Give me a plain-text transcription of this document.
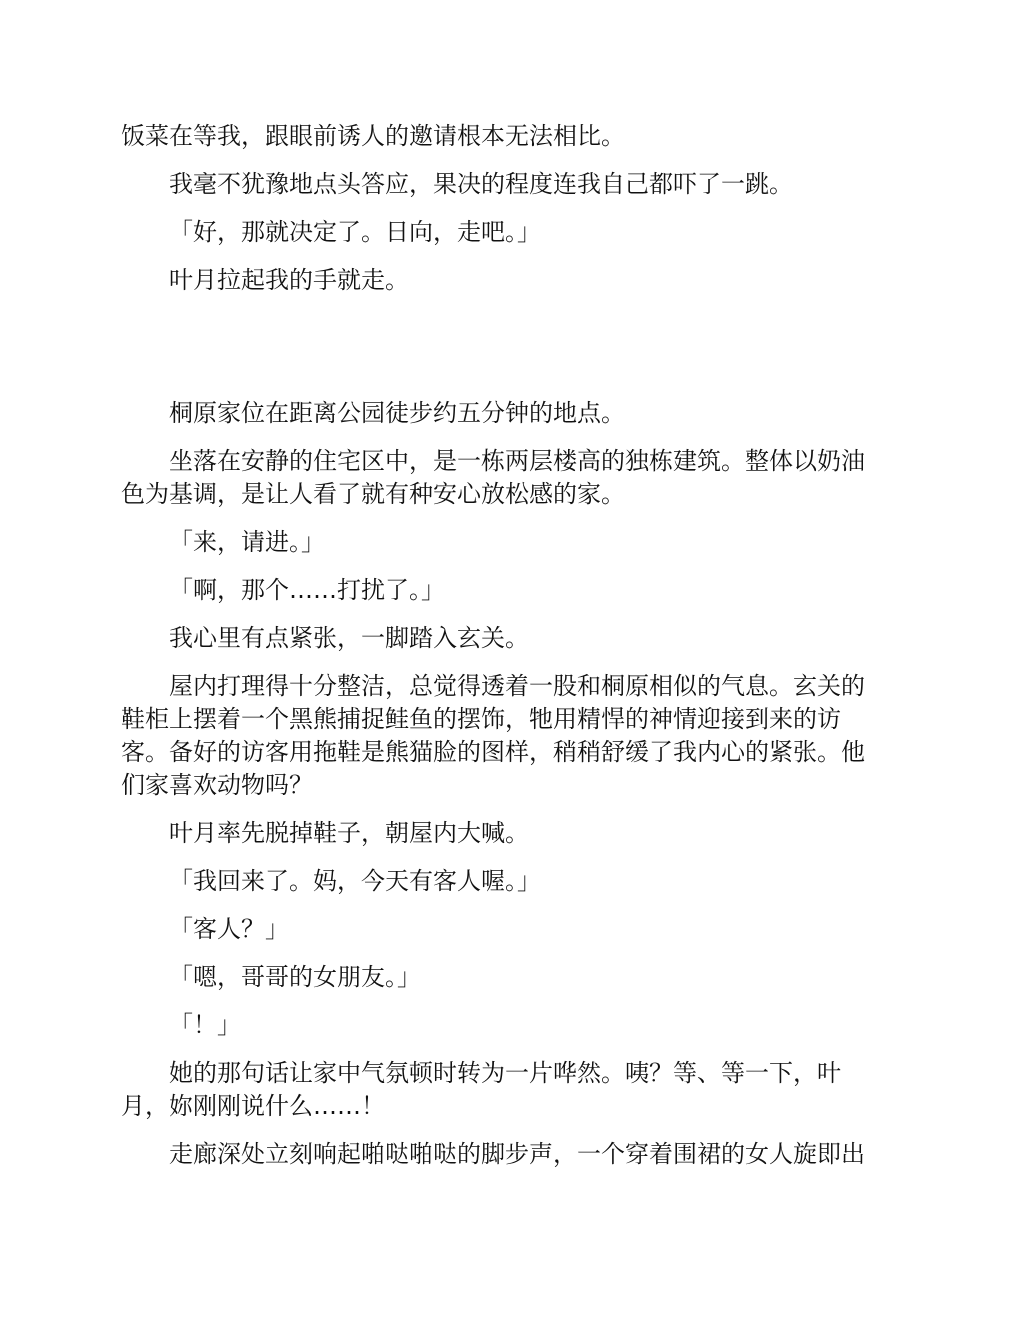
饭菜在等我，跟眼前诱人的邀请根本无法相比。

我毫不犹豫地点头答应，果决的程度连我自己都吓了一跳。

「好，那就决定了。日向，走吧。」

叶月拉起我的手就走。

桐原家位在距离公园徒步约五分钟的地点。

坐落在安静的住宅区中，是一栋两层楼高的独栋建筑。整体以奶油
色为基调，是让人看了就有种安心放松感的家。

「来，请进。」

「啊，那个……打扰了。」

我心里有点紧张，一脚踏入玄关。

屋内打理得十分整洁，总觉得透着一股和桐原相似的气息。玄关的
鞋柜上摆着一个黑熊捕捉鲑鱼的摆饰，牠用精悍的神情迎接到来的访
客。备好的访客用拖鞋是熊猫脸的图样，稍稍舒缓了我内心的紧张。他
们家喜欢动物吗？

叶月率先脱掉鞋子，朝屋内大喊。

「我回来了。妈，今天有客人喔。」

「客人？」

「嗯，哥哥的女朋友。」

「！」

她的那句话让家中气氛顿时转为一片哗然。咦？等、等一下，叶
月，妳刚刚说什么……！

走廊深处立刻响起啪哒啪哒的脚步声，一个穿着围裙的女人旋即出
